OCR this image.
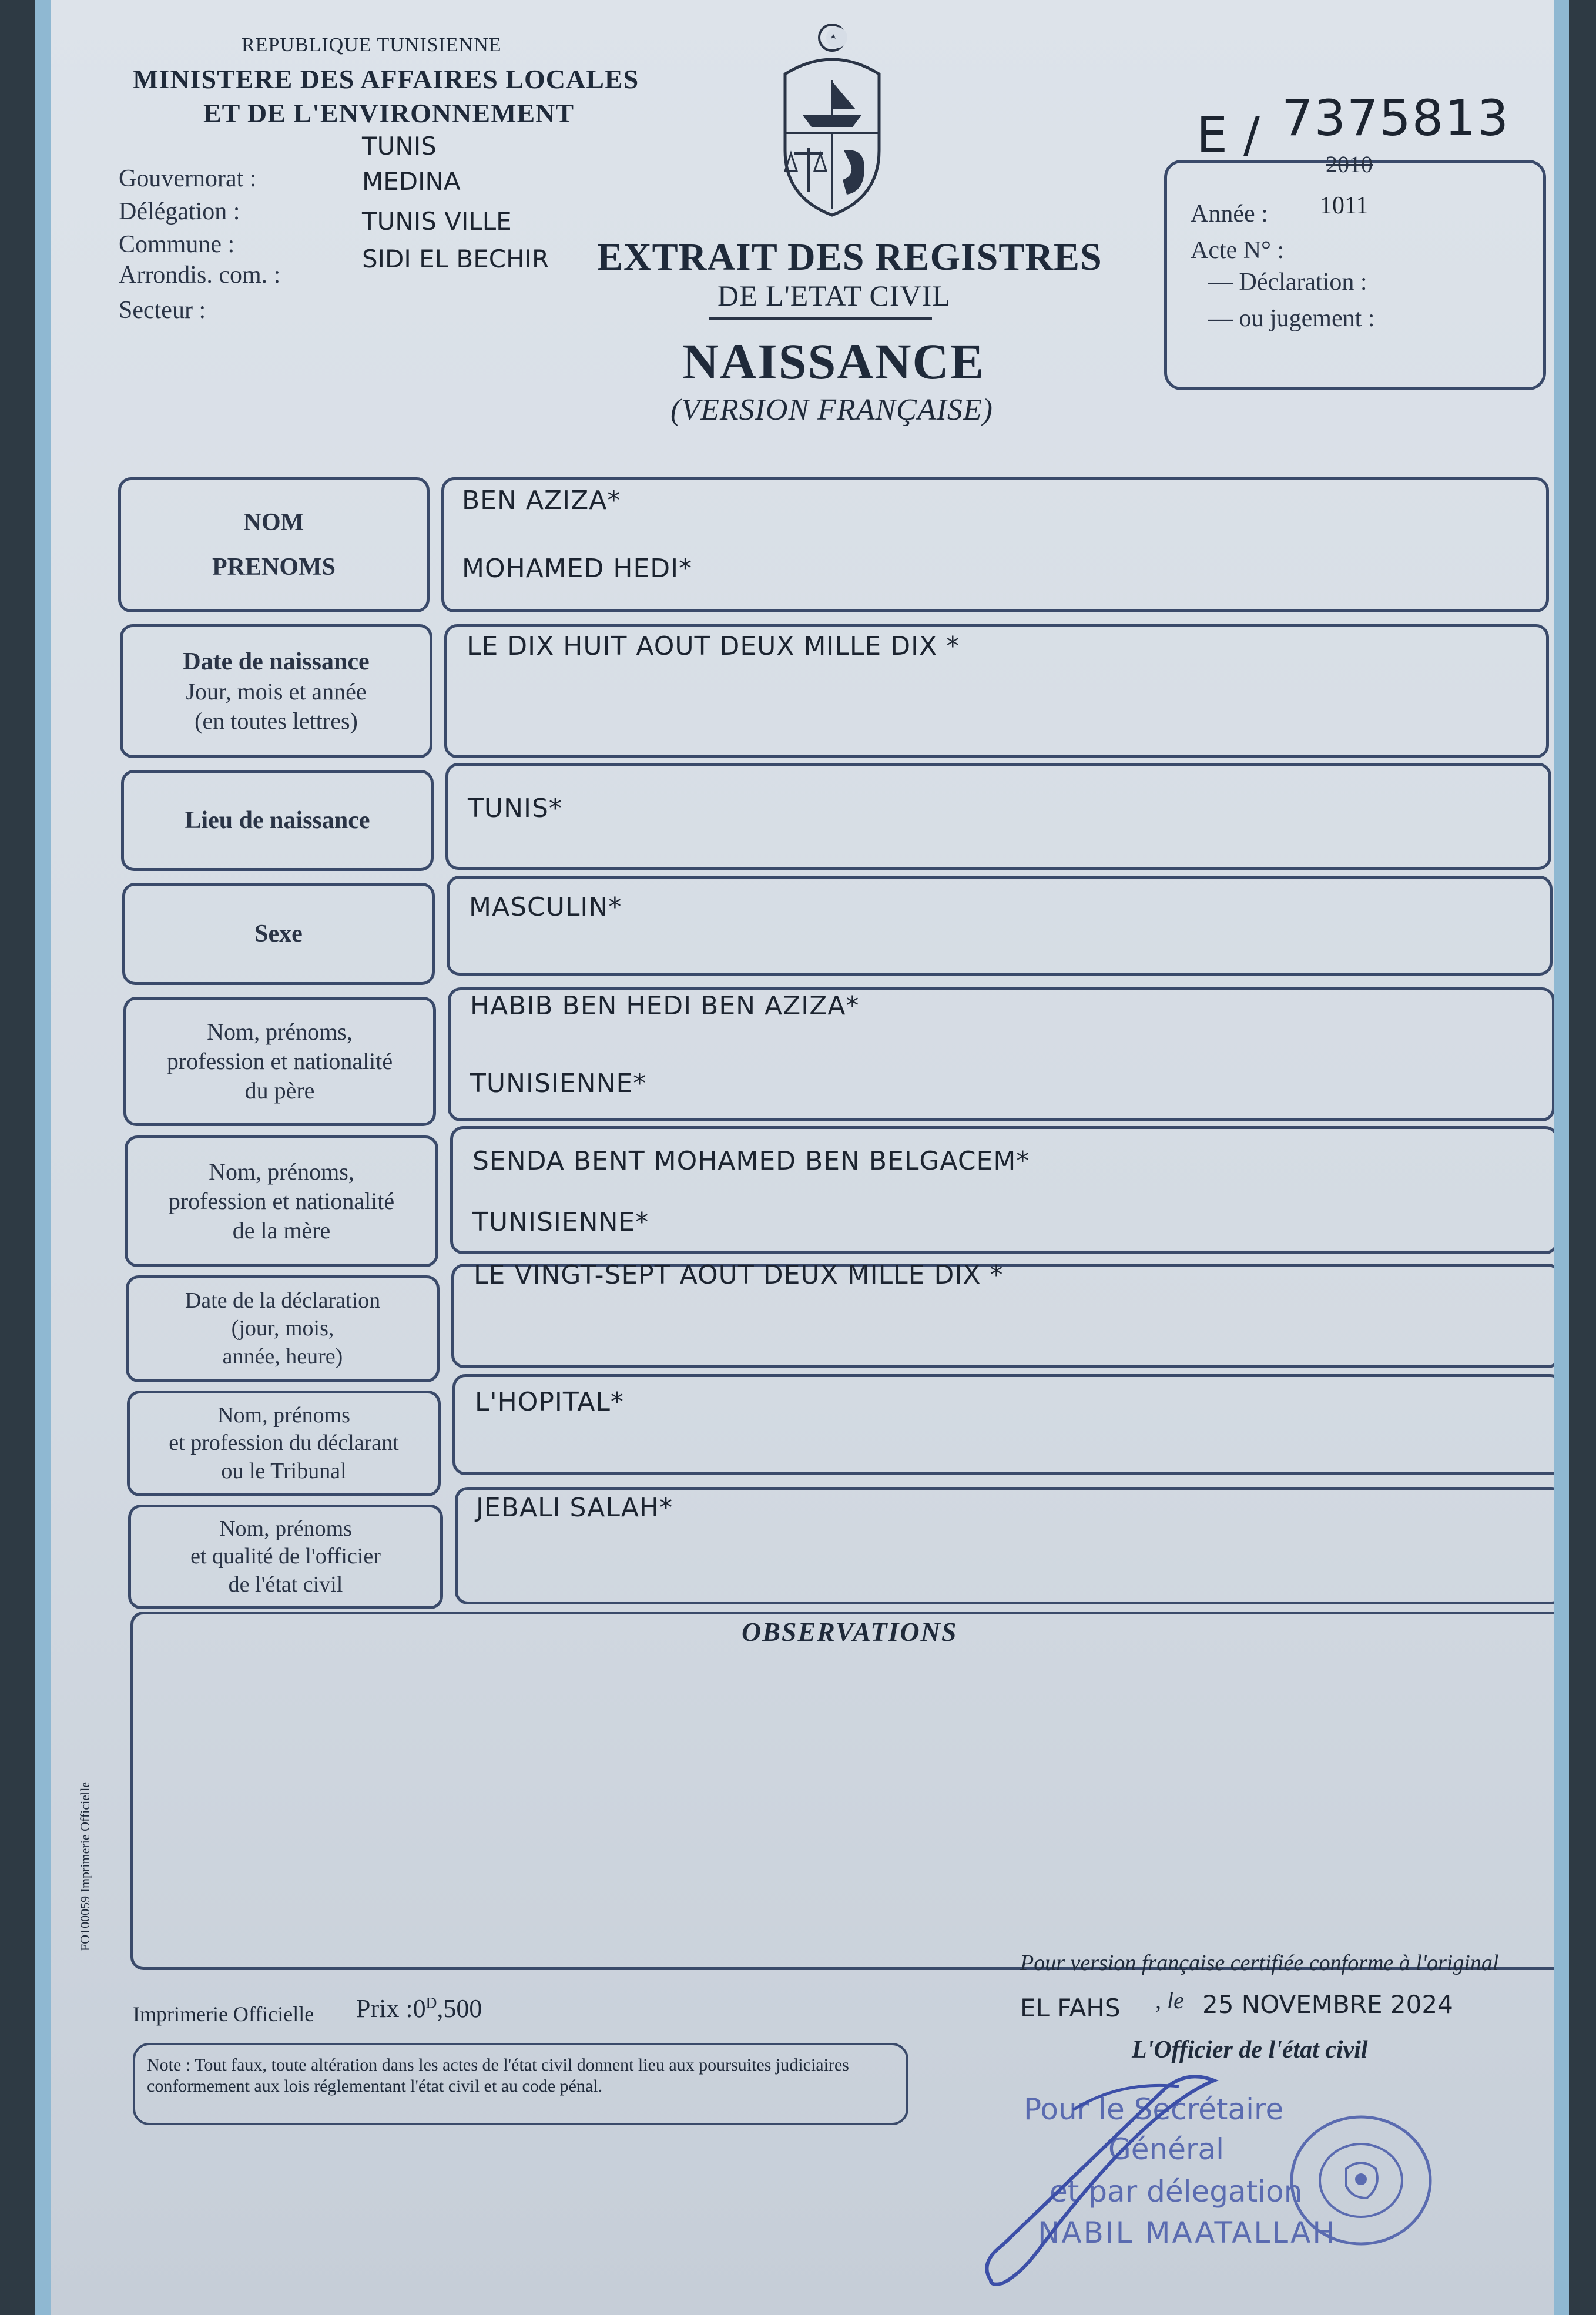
REPUBLIQUE TUNISIENNE
MINISTERE DES AFFAIRES LOCALES
ET DE L'ENVIRONNEMENT
Gouvernorat :
TUNIS
Délégation :
MEDINA
Commune :
TUNIS VILLE
Arrondis. com. :
SIDI EL BECHIR
Secteur :
E / 7375813
Année :
2010
Acte N° :
1011
— Déclaration :
— ou jugement :
EXTRAIT DES REGISTRES
DE L'ETAT CIVIL
NAISSANCE
(VERSION FRANÇAISE)
NOM
PRENOMS
BEN AZIZA*
MOHAMED HEDI*
Date de naissance
Jour, mois et année
(en toutes lettres)
LE DIX HUIT AOUT DEUX MILLE DIX *
Lieu de naissance	TUNIS*
Sexe
MASCULIN*
Nom, prénoms,
profession et nationalité
du père
HABIB BEN HEDI BEN AZIZA*
TUNISIENNE*
Nom, prénoms,
profession et nationalité
de la mère
SENDA BENT MOHAMED BEN BELGACEM*
TUNISIENNE*
Date de la déclaration
(jour, mois,
année, heure)
LE VINGT-SEPT AOUT DEUX MILLE DIX *
Nom, prénoms
et profession du déclarant
ou le Tribunal
L'HOPITAL*
Nom, prénoms
et qualité de l'officier
de l'état civil
JEBALI SALAH*
OBSERVATIONS
FO100059 Imprimerie Officielle
Imprimerie Officielle Prix $:0^D,500$
Pour version française certifiée conforme à l'original
EL FAHS , le 25 NOVEMBRE 2024
L'Officier de l'état civil
Note : Tout faux, toute altération dans les actes de l'état civil donnent lieu aux poursuites judiciaires conformement aux lois réglementant l'état civil et au code pénal.
Pour le Secrétaire
Général
et par délegation
NABIL MAATALLAH
